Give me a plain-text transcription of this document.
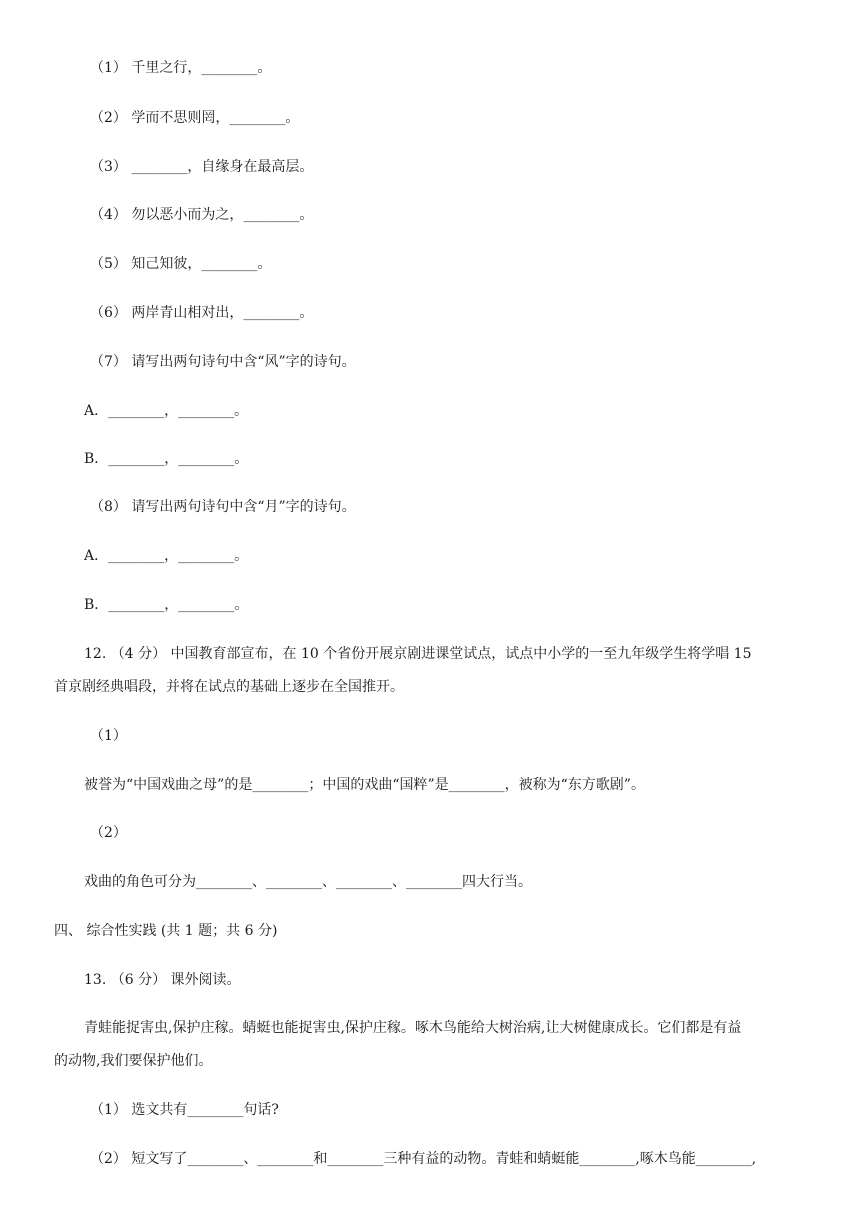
（1） 千里之行，________。
（2） 学而不思则罔，________。
（3） ________，自缘身在最高层。
（4） 勿以恶小而为之，________。
（5） 知己知彼，________。
（6） 两岸青山相对出，________。
（7） 请写出两句诗句中含“风”字的诗句。
A．________，________。
B．________，________。
（8） 请写出两句诗句中含“月”字的诗句。
A．________，________。
B．________，________。
12. （4 分） 中国教育部宣布，在 10 个省份开展京剧进课堂试点，试点中小学的一至九年级学生将学唱 15
首京剧经典唱段，并将在试点的基础上逐步在全国推开。
（1）
被誉为“中国戏曲之母”的是________；中国的戏曲“国粹”是________，被称为“东方歌剧”。
（2）
戏曲的角色可分为________、________、________、________四大行当。
四、 综合性实践 (共 1 题；共 6 分)
13. （6 分） 课外阅读。
青蛙能捉害虫,保护庄稼。蜻蜓也能捉害虫,保护庄稼。啄木鸟能给大树治病,让大树健康成长。它们都是有益
的动物,我们要保护他们。
（1） 选文共有________句话?
（2） 短文写了________、________和________三种有益的动物。青蛙和蜻蜓能________,啄木鸟能________,
